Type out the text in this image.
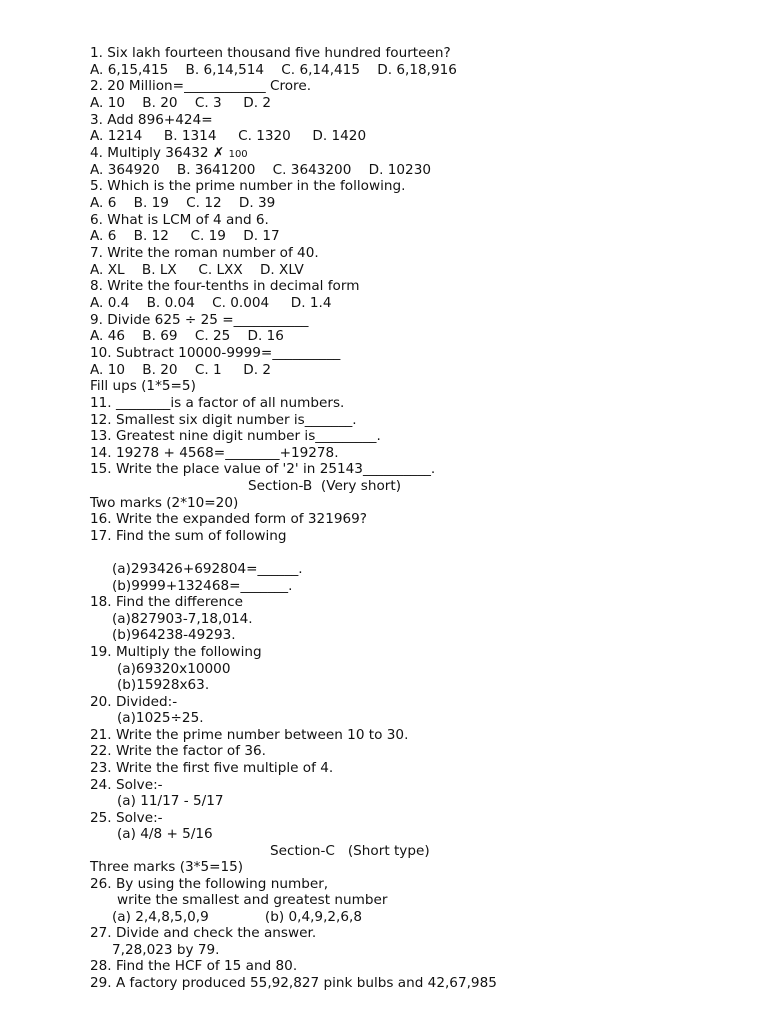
1. Six lakh fourteen thousand five hundred fourteen?
A. 6,15,415    B. 6,14,514    C. 6,14,415    D. 6,18,916
2. 20 Million=____________ Crore.
A. 10    B. 20    C. 3     D. 2
3. Add 896+424=
A. 1214     B. 1314     C. 1320     D. 1420
4. Multiply 36432 ✗ 100
A. 364920    B. 3641200    C. 3643200    D. 10230
5. Which is the prime number in the following.
A. 6    B. 19    C. 12    D. 39
6. What is LCM of 4 and 6.
A. 6    B. 12     C. 19    D. 17
7. Write the roman number of 40.
A. XL    B. LX     C. LXX    D. XLV
8. Write the four-tenths in decimal form
A. 0.4    B. 0.04    C. 0.004     D. 1.4
9. Divide 625 ÷ 25 =___________
A. 46    B. 69    C. 25    D. 16
10. Subtract 10000-9999=__________
A. 10    B. 20    C. 1     D. 2
Fill ups (1*5=5)
11. ________is a factor of all numbers.
12. Smallest six digit number is_______.
13. Greatest nine digit number is_________.
14. 19278 + 4568=________+19278.
15. Write the place value of '2' in 25143__________.
Section-B  (Very short)
Two marks (2*10=20)
16. Write the expanded form of 321969?
17. Find the sum of following
(a)293426+692804=______.
(b)9999+132468=_______.
18. Find the difference
(a)827903-7,18,014.
(b)964238-49293.
19. Multiply the following
(a)69320x10000
(b)15928x63.
20. Divided:-
(a)1025÷25.
21. Write the prime number between 10 to 30.
22. Write the factor of 36.
23. Write the first five multiple of 4.
24. Solve:-
(a) 11/17 - 5/17
25. Solve:-
(a) 4/8 + 5/16
Section-C   (Short type)
Three marks (3*5=15)
26. By using the following number,
write the smallest and greatest number
(a) 2,4,8,5,0,9             (b) 0,4,9,2,6,8
27. Divide and check the answer.
7,28,023 by 79.
28. Find the HCF of 15 and 80.
29. A factory produced 55,92,827 pink bulbs and 42,67,985
